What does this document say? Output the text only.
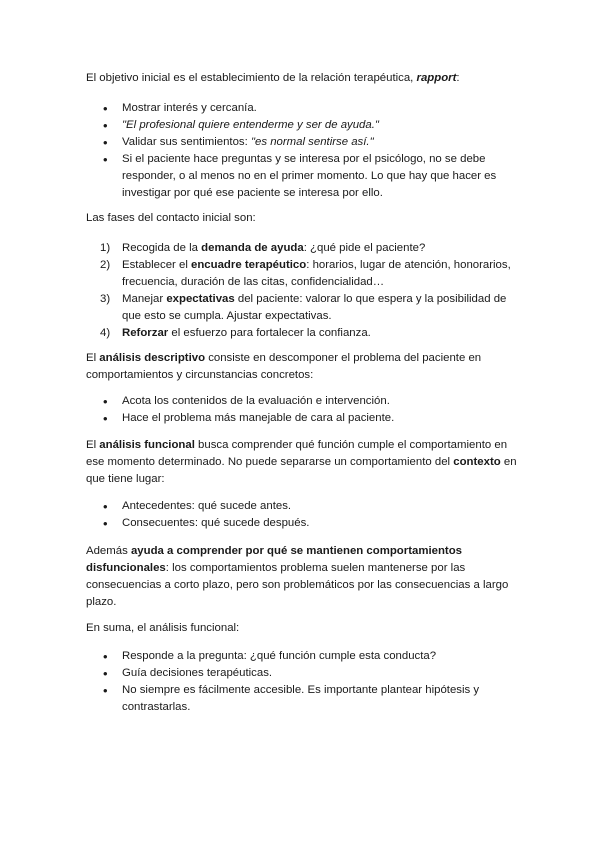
El objetivo inicial es el establecimiento de la relación terapéutica, rapport:

• Mostrar interés y cercanía.
• "El profesional quiere entenderme y ser de ayuda."
• Validar sus sentimientos: "es normal sentirse así."
• Si el paciente hace preguntas y se interesa por el psicólogo, no se debe responder, o al menos no en el primer momento. Lo que hay que hacer es investigar por qué ese paciente se interesa por ello.

Las fases del contacto inicial son:

1) Recogida de la demanda de ayuda: ¿qué pide el paciente?
2) Establecer el encuadre terapéutico: horarios, lugar de atención, honorarios, frecuencia, duración de las citas, confidencialidad…
3) Manejar expectativas del paciente: valorar lo que espera y la posibilidad de que esto se cumpla. Ajustar expectativas.
4) Reforzar el esfuerzo para fortalecer la confianza.

El análisis descriptivo consiste en descomponer el problema del paciente en comportamientos y circunstancias concretos:

• Acota los contenidos de la evaluación e intervención.
• Hace el problema más manejable de cara al paciente.

El análisis funcional busca comprender qué función cumple el comportamiento en ese momento determinado. No puede separarse un comportamiento del contexto en que tiene lugar:

• Antecedentes: qué sucede antes.
• Consecuentes: qué sucede después.

Además ayuda a comprender por qué se mantienen comportamientos disfuncionales: los comportamientos problema suelen mantenerse por las consecuencias a corto plazo, pero son problemáticos por las consecuencias a largo plazo.

En suma, el análisis funcional:

• Responde a la pregunta: ¿qué función cumple esta conducta?
• Guía decisiones terapéuticas.
• No siempre es fácilmente accesible. Es importante plantear hipótesis y contrastarlas.
